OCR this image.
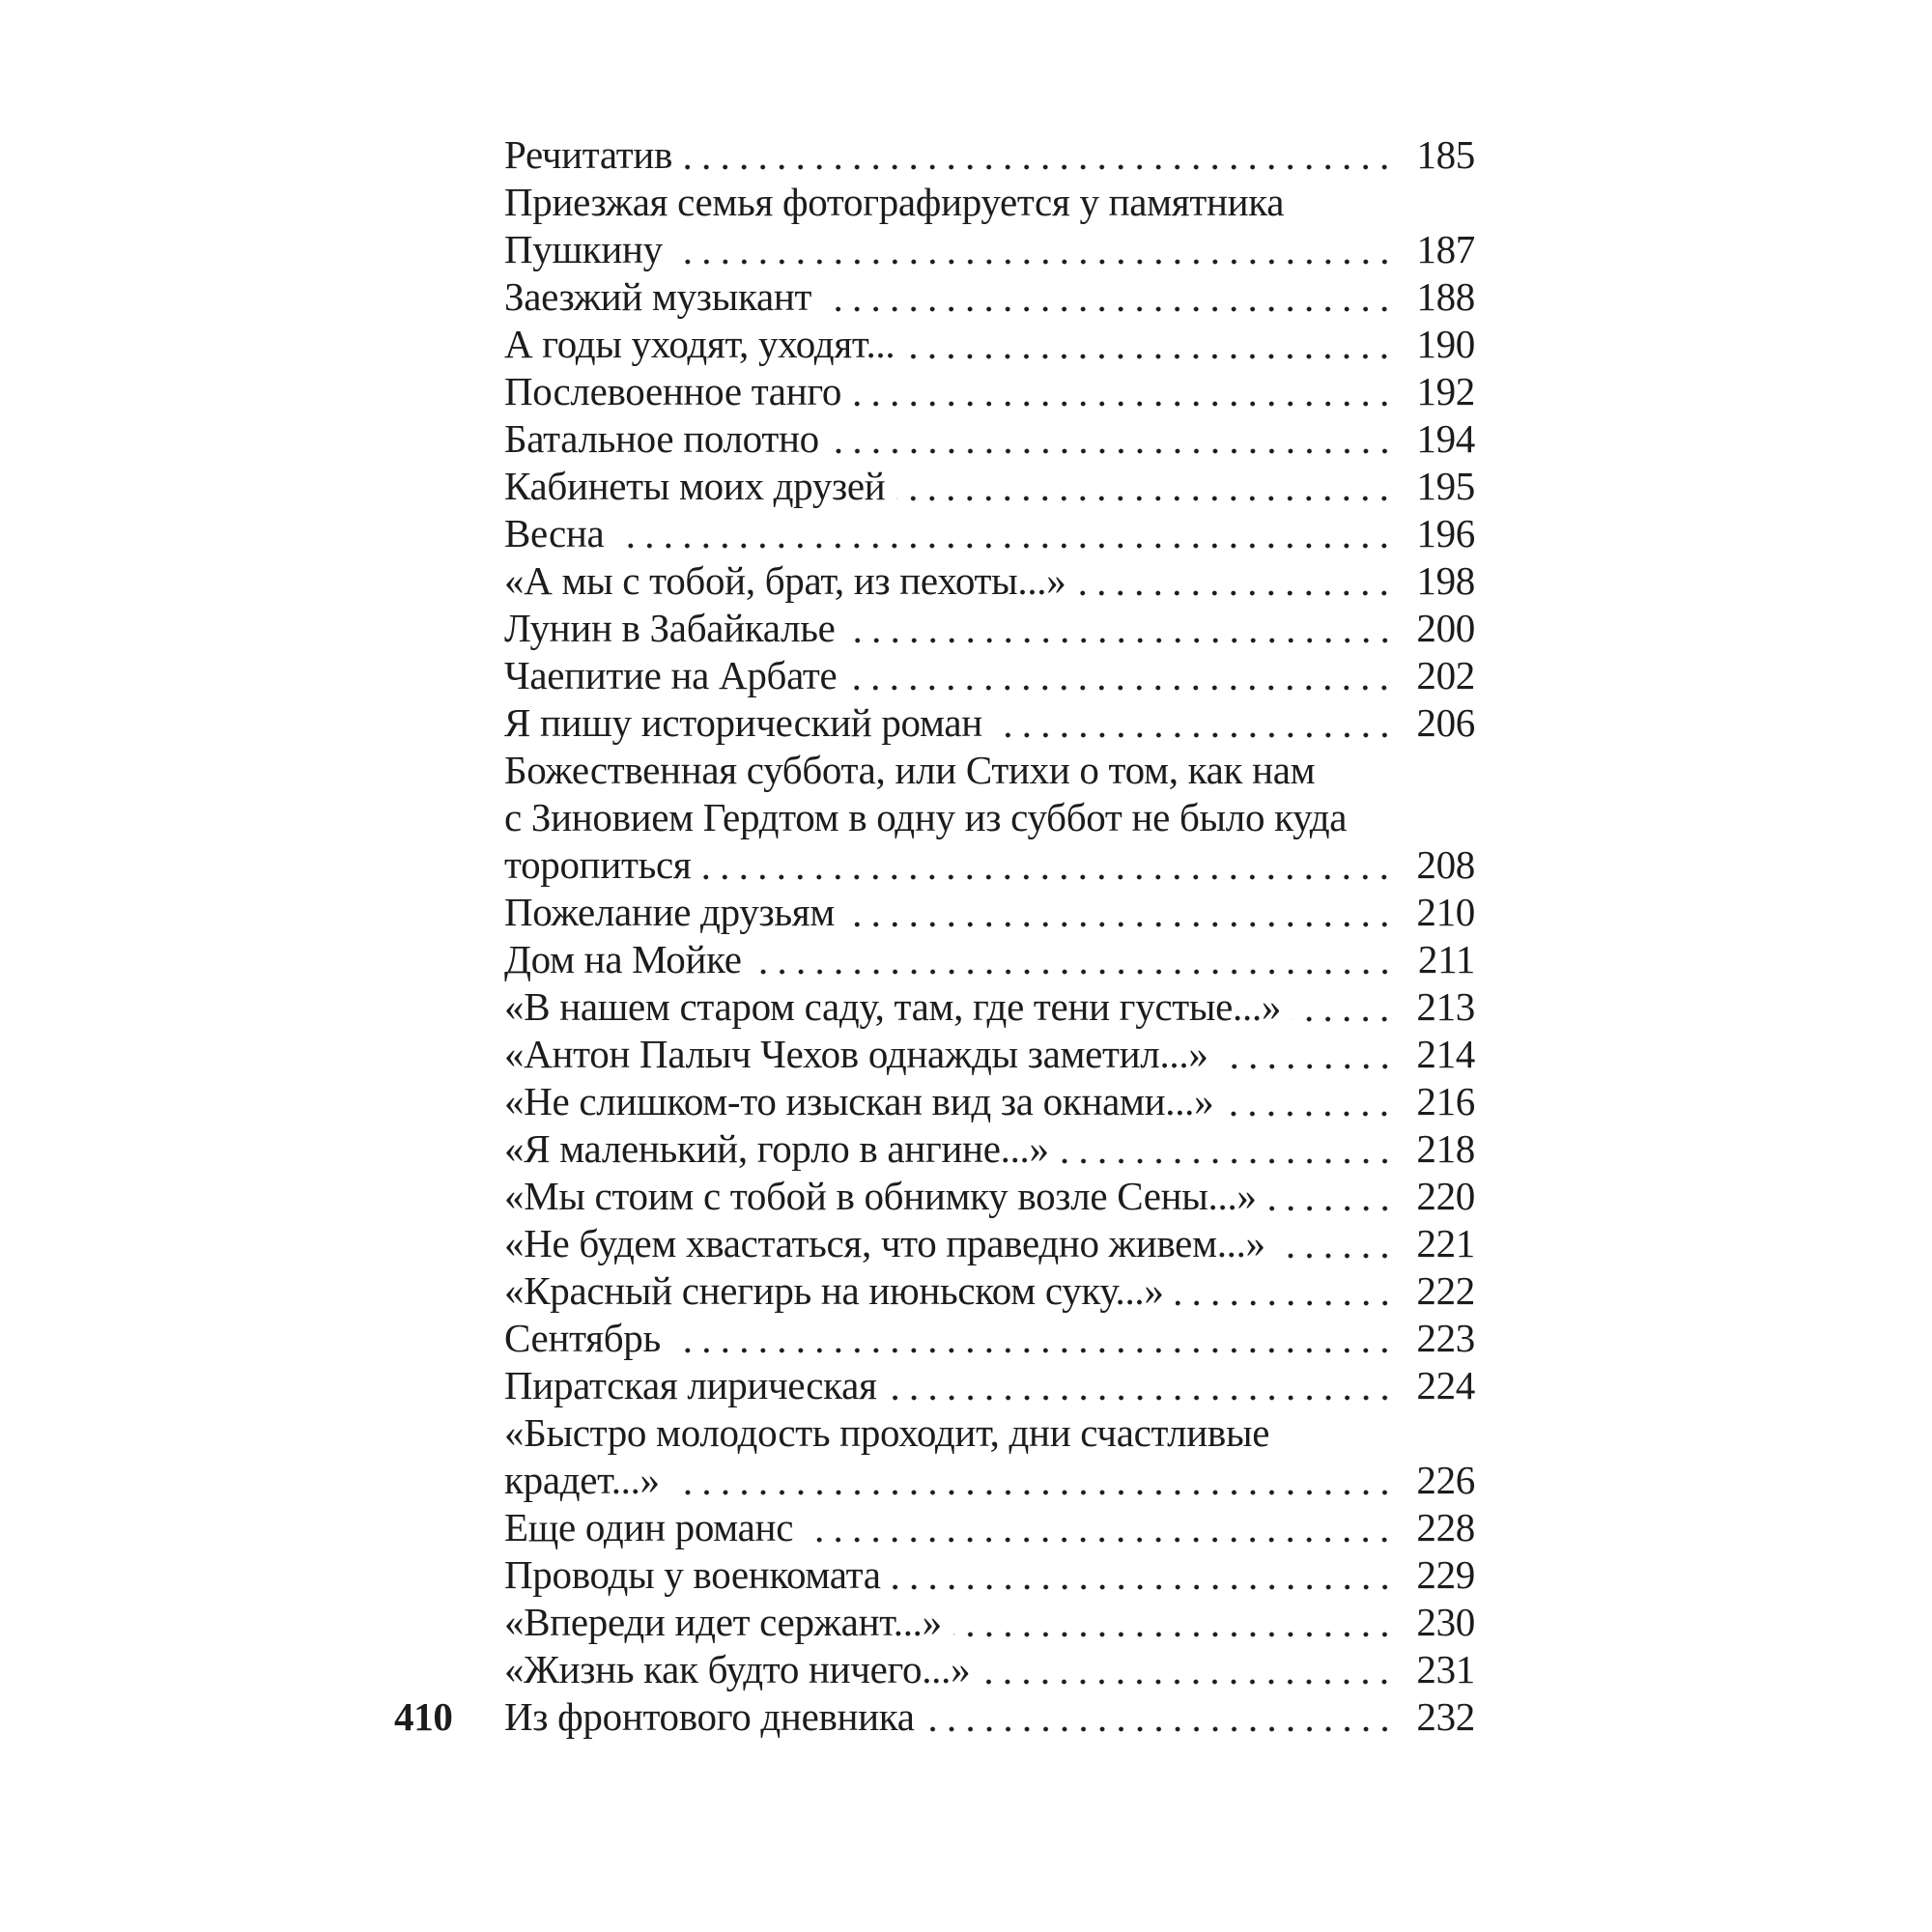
Речитатив	185
Приезжая семья фотографируется у памятника
Пушкину	187
Заезжий музыкант	188
А годы уходят, уходят...	190
Послевоенное танго	192
Батальное полотно	194
Кабинеты моих друзей	195
Весна	196
«А мы с тобой, брат, из пехоты...»	198
Лунин в Забайкалье	200
Чаепитие на Арбате	202
Я пишу исторический роман	206
Божественная суббота, или Стихи о том, как нам
с Зиновием Гердтом в одну из суббот не было куда
торопиться	208
Пожелание друзьям	210
Дом на Мойке	211
«В нашем старом саду, там, где тени густые...»	213
«Антон Палыч Чехов однажды заметил...»	214
«Не слишком-то изыскан вид за окнами...»	216
«Я маленький, горло в ангине...»	218
«Мы стоим с тобой в обнимку возле Сены...»	220
«Не будем хвастаться, что праведно живем...»	221
«Красный снегирь на июньском суку...»	222
Сентябрь	223
Пиратская лирическая	224
«Быстро молодость проходит, дни счастливые
крадет...»	226
Еще один романс	228
Проводы у военкомата	229
«Впереди идет сержант...»	230
«Жизнь как будто ничего...»	231
410 Из фронтового дневника	232
